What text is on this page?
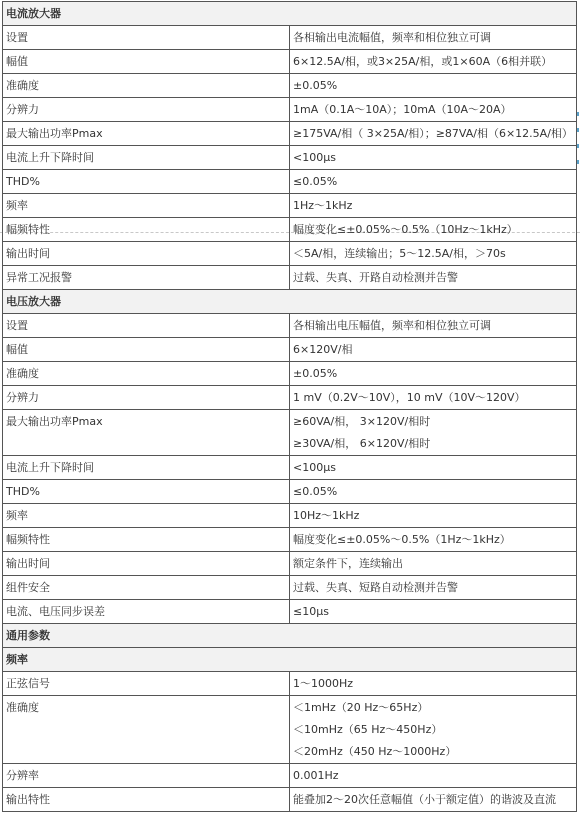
电流放大器	
设置	各相输出电流幅值，频率和相位独立可调

幅值	6×12.5A/相，或3×25A/相，或1×60A（6相并联）

准确度	±0.05%

分辨力	1mA（0.1A～10A）；10mA（10A～20A）

最大输出功率Pmax	≥175VA/相（ 3×25A/相）；≥87VA/相（6×12.5A/相）

电流上升下降时间	<100μs

THD%	≤0.05%

频率	1Hz～1kHz

幅频特性	幅度变化≤±0.05%～0.5%（10Hz～1kHz）

输出时间	＜5A/相，连续输出；5～12.5A/相，＞70s

异常工况报警	过载、失真、开路自动检测并告警

电压放大器	
设置	各相输出电压幅值，频率和相位独立可调

幅值	6×120V/相

准确度	±0.05%

分辨力	1 mV（0.2V～10V），10 mV（10V～120V）

最大输出功率Pmax	≥60VA/相， 3×120V/相时
≥30VA/相， 6×120V/相时

电流上升下降时间	<100μs

THD%	≤0.05%

频率	10Hz～1kHz

幅频特性	幅度变化≤±0.05%～0.5%（1Hz～1kHz）

输出时间	额定条件下，连续输出

组件安全	过载、失真、短路自动检测并告警

电流、电压同步误差	≤10μs

通用参数	
频率	
正弦信号	1～1000Hz

准确度	＜1mHz（20 Hz～65Hz）
＜10mHz（65 Hz～450Hz）
＜20mHz（450 Hz～1000Hz）

分辨率	0.001Hz

输出特性	能叠加2～20次任意幅值（小于额定值）的谐波及直流
